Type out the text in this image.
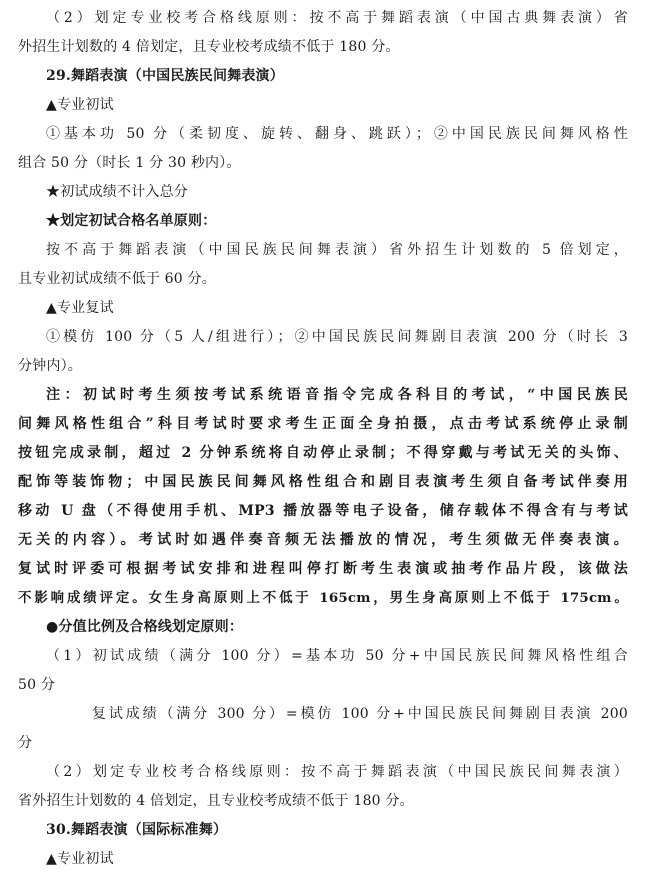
（2）划定专业校考合格线原则：按不高于舞蹈表演（中国古典舞表演）省
外招生计划数的 4 倍划定，且专业校考成绩不低于 180 分。
29.舞蹈表演（中国民族民间舞表演）
▲专业初试
①基本功 50 分（柔韧度、旋转、翻身、跳跃）；②中国民族民间舞风格性
组合 50 分（时长 1 分 30 秒内）。
★初试成绩不计入总分
★划定初试合格名单原则：
按不高于舞蹈表演（中国民族民间舞表演）省外招生计划数的 5 倍划定，
且专业初试成绩不低于 60 分。
▲专业复试
①模仿 100 分（5 人/组进行）；②中国民族民间舞剧目表演 200 分（时长 3
分钟内）。
注：初试时考生须按考试系统语音指令完成各科目的考试，“中国民族民
间舞风格性组合”科目考试时要求考生正面全身拍摄，点击考试系统停止录制
按钮完成录制，超过 2 分钟系统将自动停止录制；不得穿戴与考试无关的头饰、
配饰等装饰物；中国民族民间舞风格性组合和剧目表演考生须自备考试伴奏用
移动 U 盘（不得使用手机、MP3 播放器等电子设备，储存载体不得含有与考试
无关的内容）。考试时如遇伴奏音频无法播放的情况，考生须做无伴奏表演。
复试时评委可根据考试安排和进程叫停打断考生表演或抽考作品片段，该做法
不影响成绩评定。女生身高原则上不低于 165cm，男生身高原则上不低于 175cm。
●分值比例及合格线划定原则：
（1）初试成绩（满分 100 分）=基本功 50 分+中国民族民间舞风格性组合
50 分
复试成绩（满分 300 分）=模仿 100 分+中国民族民间舞剧目表演 200
分
（2）划定专业校考合格线原则：按不高于舞蹈表演（中国民族民间舞表演）
省外招生计划数的 4 倍划定，且专业校考成绩不低于 180 分。
30.舞蹈表演（国际标准舞）
▲专业初试
